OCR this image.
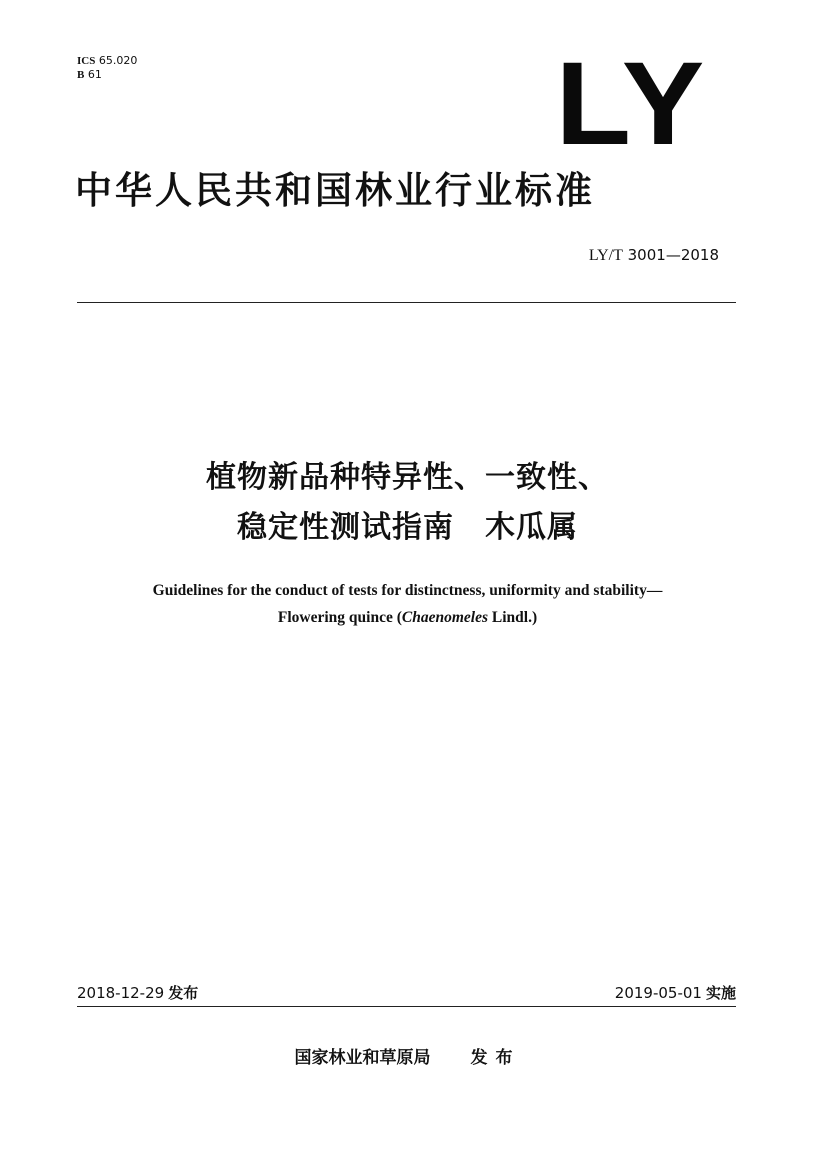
ICS 65.020
B 61	LY
中华人民共和国林业行业标准
LY/T 3001—2018
植物新品种特异性、一致性、
稳定性测试指南　木瓜属
Guidelines for the conduct of tests for distinctness, uniformity and stability—
Flowering quince (Chaenomeles Lindl.)
2018-12-29 发布	2019-05-01 实施
国家林业和草原局 发布
